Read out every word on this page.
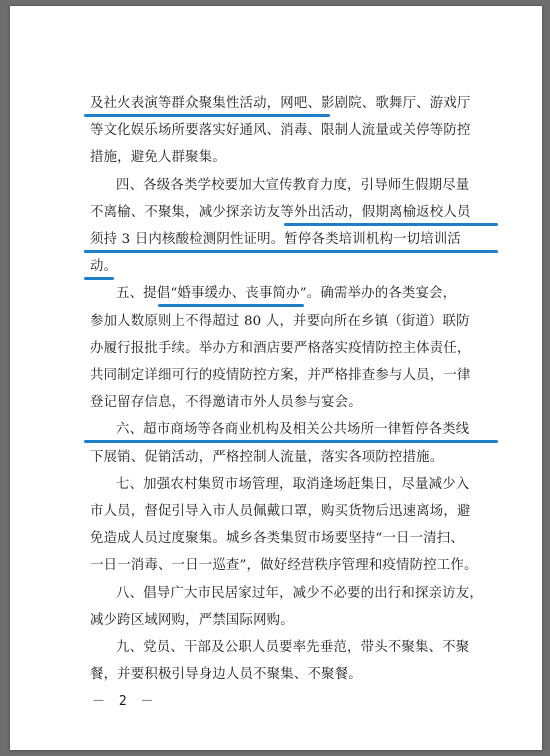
及社火表演等群众聚集性活动，网吧、影剧院、歌舞厅、游戏厅
等文化娱乐场所要落实好通风、消毒、限制人流量或关停等防控
措施，避免人群聚集。
四、各级各类学校要加大宣传教育力度，引导师生假期尽量
不离榆、不聚集，减少探亲访友等外出活动，假期离榆返校人员
须持 3 日内核酸检测阴性证明。暂停各类培训机构一切培训活
动。
五、提倡“婚事缓办、丧事简办”。确需举办的各类宴会，
参加人数原则上不得超过 80 人，并要向所在乡镇（街道）联防
办履行报批手续。举办方和酒店要严格落实疫情防控主体责任，
共同制定详细可行的疫情防控方案，并严格排查参与人员，一律
登记留存信息，不得邀请市外人员参与宴会。
六、超市商场等各商业机构及相关公共场所一律暂停各类线
下展销、促销活动，严格控制人流量，落实各项防控措施。
七、加强农村集贸市场管理，取消逢场赶集日，尽量减少入
市人员，督促引导入市人员佩戴口罩，购买货物后迅速离场，避
免造成人员过度聚集。城乡各类集贸市场要坚持“一日一清扫、
一日一消毒、一日一巡查”，做好经营秩序管理和疫情防控工作。
八、倡导广大市民居家过年，减少不必要的出行和探亲访友，
减少跨区域网购，严禁国际网购。
九、党员、干部及公职人员要率先垂范，带头不聚集、不聚
餐，并要积极引导身边人员不聚集、不聚餐。
－ 2 －
